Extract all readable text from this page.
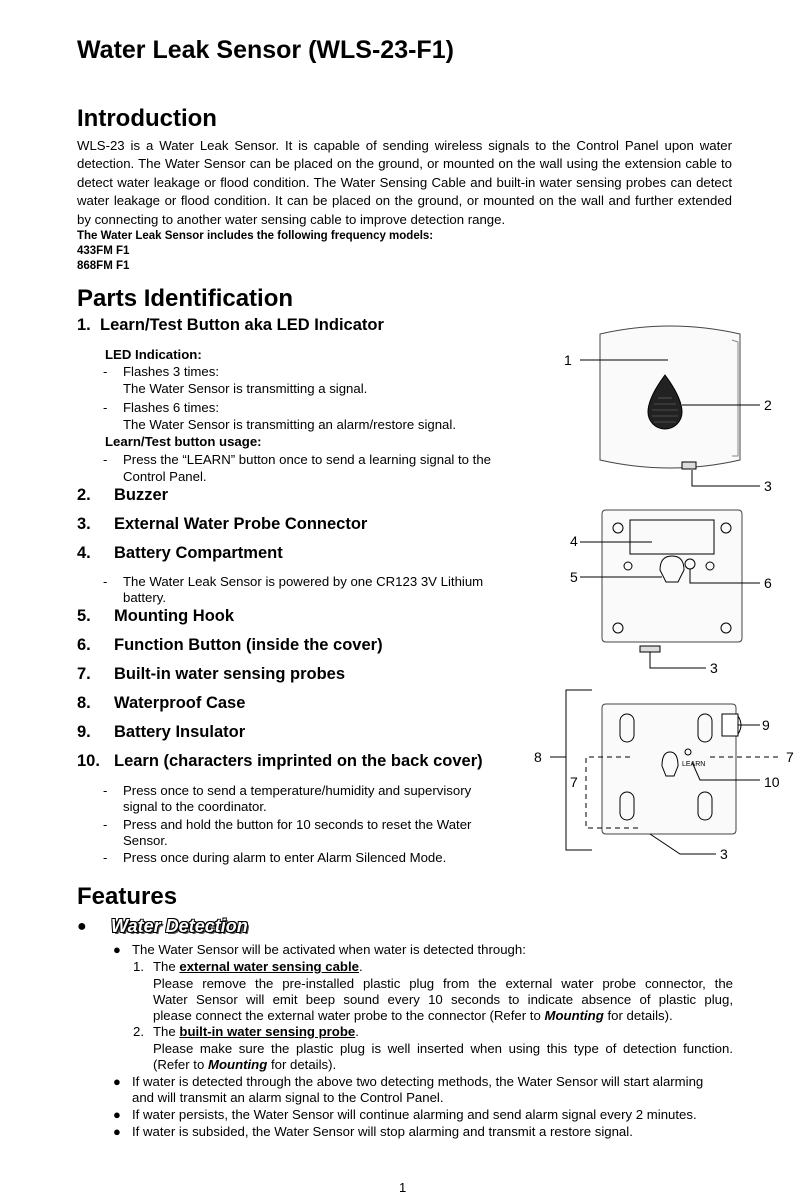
Water Leak Sensor (WLS-23-F1)
Introduction

WLS-23 is a Water Leak Sensor. It is capable of sending wireless signals to the Control Panel upon water detection. The Water Sensor can be placed on the ground, or mounted on the wall using the extension cable to detect water leakage or flood condition. The Water Sensing Cable and built-in water sensing probes can detect water leakage or flood condition. It can be placed on the ground, or mounted on the wall and further extended by connecting to another water sensing cable to improve detection range.

The Water Leak Sensor includes the following frequency models:
433FM F1
868FM F1
Parts Identification
1. Learn/Test Button aka LED Indicator
LED Indication:
-	Flashes 3 times:
The Water Sensor is transmitting a signal.
-	Flashes 6 times:
The Water Sensor is transmitting an alarm/restore signal.
Learn/Test button usage:
-	Press the “LEARN” button once to send a learning signal to the
Control Panel.
2.	Buzzer
3.	External Water Probe Connector
4.	Battery Compartment
-	The Water Leak Sensor is powered by one CR123 3V Lithium
battery.
5.	Mounting Hook
6.	Function Button (inside the cover)
7.	Built-in water sensing probes
8.	Waterproof Case
9.	Battery Insulator
10. Learn (characters imprinted on the back cover)
-	Press once to send a temperature/humidity and supervisory
signal to the coordinator.
-	Press and hold the button for 10 seconds to reset the Water
Sensor.
-	Press once during alarm to enter Alarm Silenced Mode.
1
2
3
4
5	6
3
9
8
7
7
10
3
LEARN
Features
●	Water Detection
● The Water Sensor will be activated when water is detected through:
1. The external water sensing cable.
Please remove the pre-installed plastic plug from the external water probe connector, the
Water Sensor will emit beep sound every 10 seconds to indicate absence of plastic plug,
please connect the external water probe to the connector (Refer to Mounting for details).
2. The built-in water sensing probe.
Please make sure the plastic plug is well inserted when using this type of detection function.
(Refer to Mounting for details).
● If water is detected through the above two detecting methods, the Water Sensor will start alarming
and will transmit an alarm signal to the Control Panel.
● If water persists, the Water Sensor will continue alarming and send alarm signal every 2 minutes.
● If water is subsided, the Water Sensor will stop alarming and transmit a restore signal.
1
